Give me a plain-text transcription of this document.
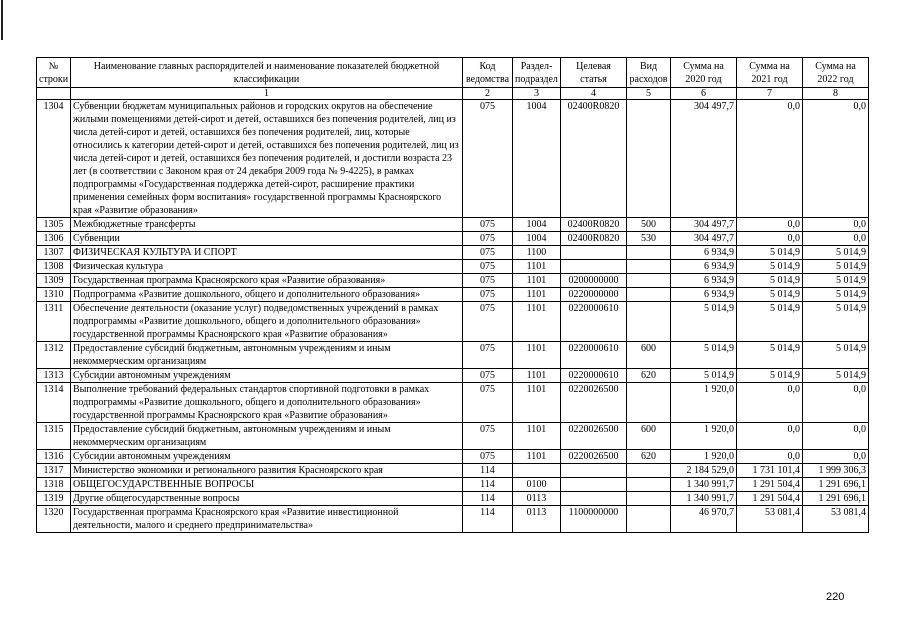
№ строки	Наименование главных распорядителей и наименование показателей бюджетной классификации	Код ведомства	Раздел-подраздел	Целевая статья	Вид расходов	Сумма на 2020 год	Сумма на 2021 год	Сумма на 2022 год
	1	2	3	4	5	6	7	8
1304	Субвенции бюджетам муниципальных районов и городских округов на обеспечение жилыми помещениями детей-сирот и детей, оставшихся без попечения родителей, лиц из числа детей-сирот и детей, оставшихся без попечения родителей, лиц, которые относились к категории детей-сирот и детей, оставшихся без попечения родителей, лиц из числа детей-сирот и детей, оставшихся без попечения родителей, и достигли возраста 23 лет (в соответствии с Законом края от 24 декабря 2009 года № 9-4225), в рамках подпрограммы «Государственная поддержка детей-сирот, расширение практики применения семейных форм воспитания» государственной программы Красноярского края «Развитие образования»	075	1004	02400R0820		304 497,7	0,0	0,0
1305	Межбюджетные трансферты	075	1004	02400R0820	500	304 497,7	0,0	0,0
1306	Субвенции	075	1004	02400R0820	530	304 497,7	0,0	0,0
1307	ФИЗИЧЕСКАЯ КУЛЬТУРА И СПОРТ	075	1100			6 934,9	5 014,9	5 014,9
1308	Физическая культура	075	1101			6 934,9	5 014,9	5 014,9
1309	Государственная программа Красноярского края «Развитие образования»	075	1101	0200000000		6 934,9	5 014,9	5 014,9
1310	Подпрограмма «Развитие дошкольного, общего и дополнительного образования»	075	1101	0220000000		6 934,9	5 014,9	5 014,9
1311	Обеспечение деятельности (оказание услуг) подведомственных учреждений в рамках подпрограммы «Развитие дошкольного, общего и дополнительного образования» государственной программы Красноярского края «Развитие образования»	075	1101	0220000610		5 014,9	5 014,9	5 014,9
1312	Предоставление субсидий бюджетным, автономным учреждениям и иным некоммерческим организациям	075	1101	0220000610	600	5 014,9	5 014,9	5 014,9
1313	Субсидии автономным учреждениям	075	1101	0220000610	620	5 014,9	5 014,9	5 014,9
1314	Выполнение требований федеральных стандартов спортивной подготовки в рамках подпрограммы «Развитие дошкольного, общего и дополнительного образования» государственной программы Красноярского края «Развитие образования»	075	1101	0220026500		1 920,0	0,0	0,0
1315	Предоставление субсидий бюджетным, автономным учреждениям и иным некоммерческим организациям	075	1101	0220026500	600	1 920,0	0,0	0,0
1316	Субсидии автономным учреждениям	075	1101	0220026500	620	1 920,0	0,0	0,0
1317	Министерство экономики и регионального развития Красноярского края	114				2 184 529,0	1 731 101,4	1 999 306,3
1318	ОБЩЕГОСУДАРСТВЕННЫЕ ВОПРОСЫ	114	0100			1 340 991,7	1 291 504,4	1 291 696,1
1319	Другие общегосударственные вопросы	114	0113			1 340 991,7	1 291 504,4	1 291 696,1
1320	Государственная программа Красноярского края «Развитие инвестиционной деятельности, малого и среднего предпринимательства»	114	0113	1100000000		46 970,7	53 081,4	53 081,4
220
